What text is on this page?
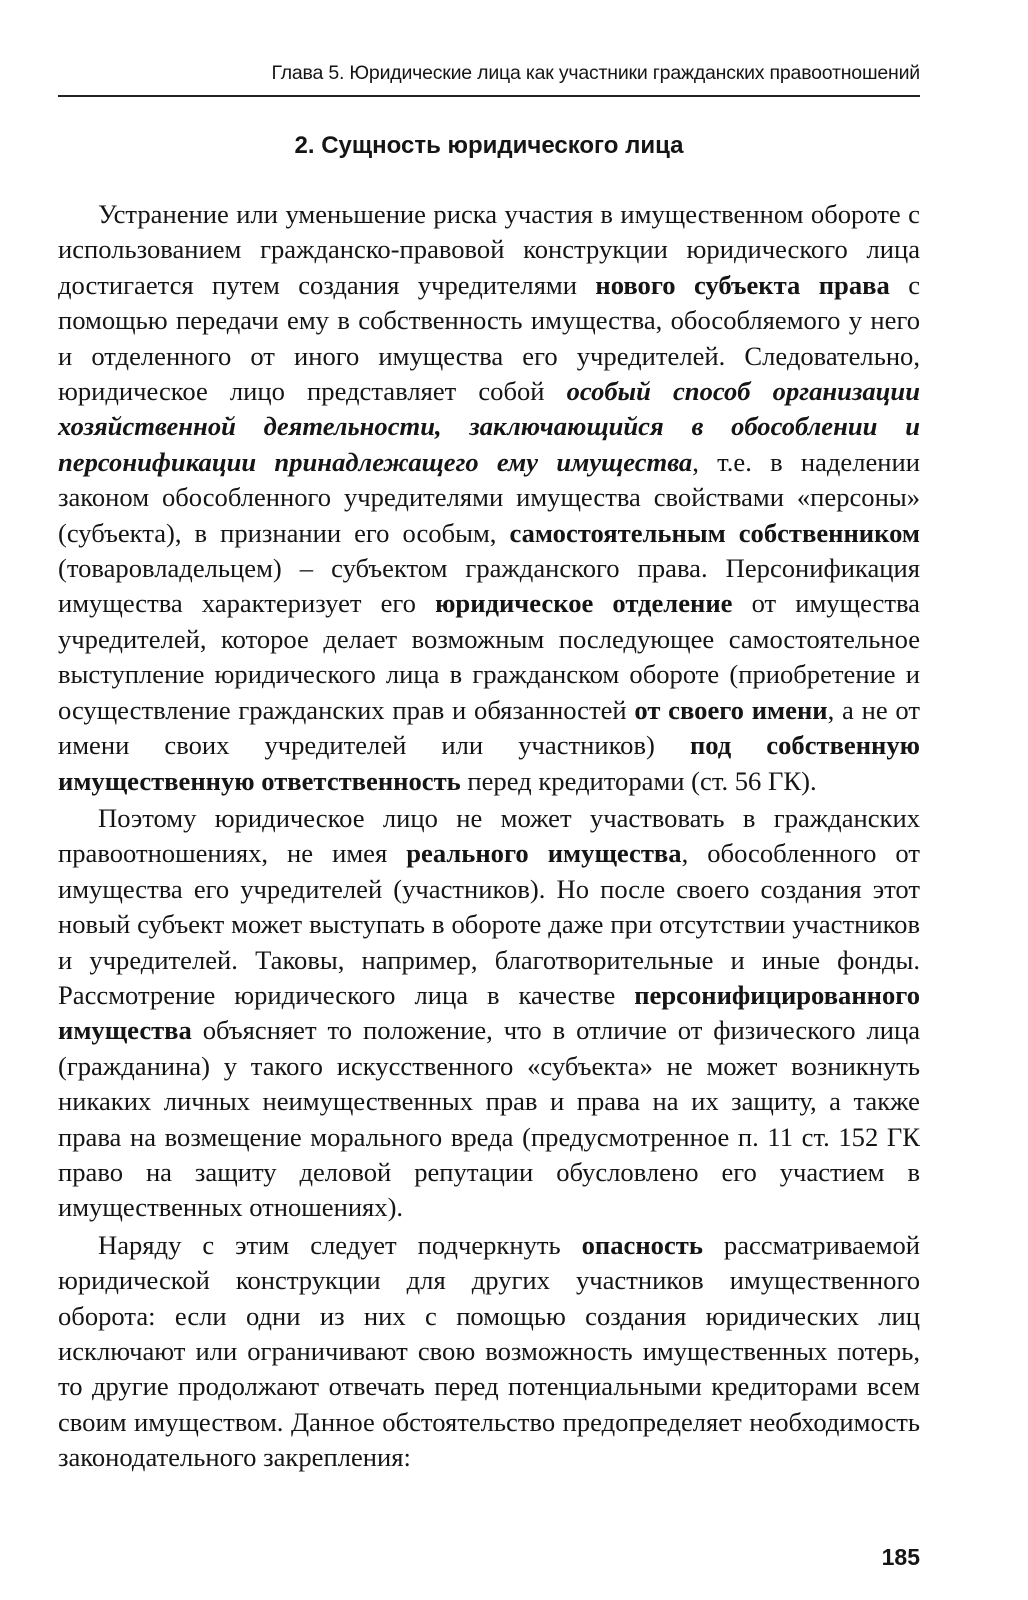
Глава 5. Юридические лица как участники гражданских правоотношений
2. Сущность юридического лица

Устранение или уменьшение риска участия в имущественном обороте с использованием гражданско-правовой конструкции юридического лица достигается путем создания учредителями нового субъекта права с помощью передачи ему в собственность имущества, обособляемого у него и отделенного от иного имущества его учредителей. Следовательно, юридическое лицо представляет собой особый способ организации хозяйственной деятельности, заключающийся в обособлении и персонификации принадлежащего ему имущества, т.е. в наделении законом обособленного учредителями имущества свойствами «персоны» (субъекта), в признании его особым, самостоятельным собственником (товаровладельцем) – субъектом гражданского права. Персонификация имущества характеризует его юридическое отделение от имущества учредителей, которое делает возможным последующее самостоятельное выступление юридического лица в гражданском обороте (приобретение и осуществление гражданских прав и обязанностей от своего имени, а не от имени своих учредителей или участников) под собственную имущественную ответственность перед кредиторами (ст. 56 ГК).

Поэтому юридическое лицо не может участвовать в гражданских правоотношениях, не имея реального имущества, обособленного от имущества его учредителей (участников). Но после своего создания этот новый субъект может выступать в обороте даже при отсутствии участников и учредителей. Таковы, например, благотворительные и иные фонды. Рассмотрение юридического лица в качестве персонифицированного имущества объясняет то положение, что в отличие от физического лица (гражданина) у такого искусственного «субъекта» не может возникнуть никаких личных неимущественных прав и права на их защиту, а также права на возмещение морального вреда (предусмотренное п. 11 ст. 152 ГК право на защиту деловой репутации обусловлено его участием в имущественных отношениях).

Наряду с этим следует подчеркнуть опасность рассматриваемой юридической конструкции для других участников имущественного оборота: если одни из них с помощью создания юридических лиц исключают или ограничивают свою возможность имущественных потерь, то другие продолжают отвечать перед потенциальными кредиторами всем своим имуществом. Данное обстоятельство предопределяет необходимость законодательного закрепления:

185
